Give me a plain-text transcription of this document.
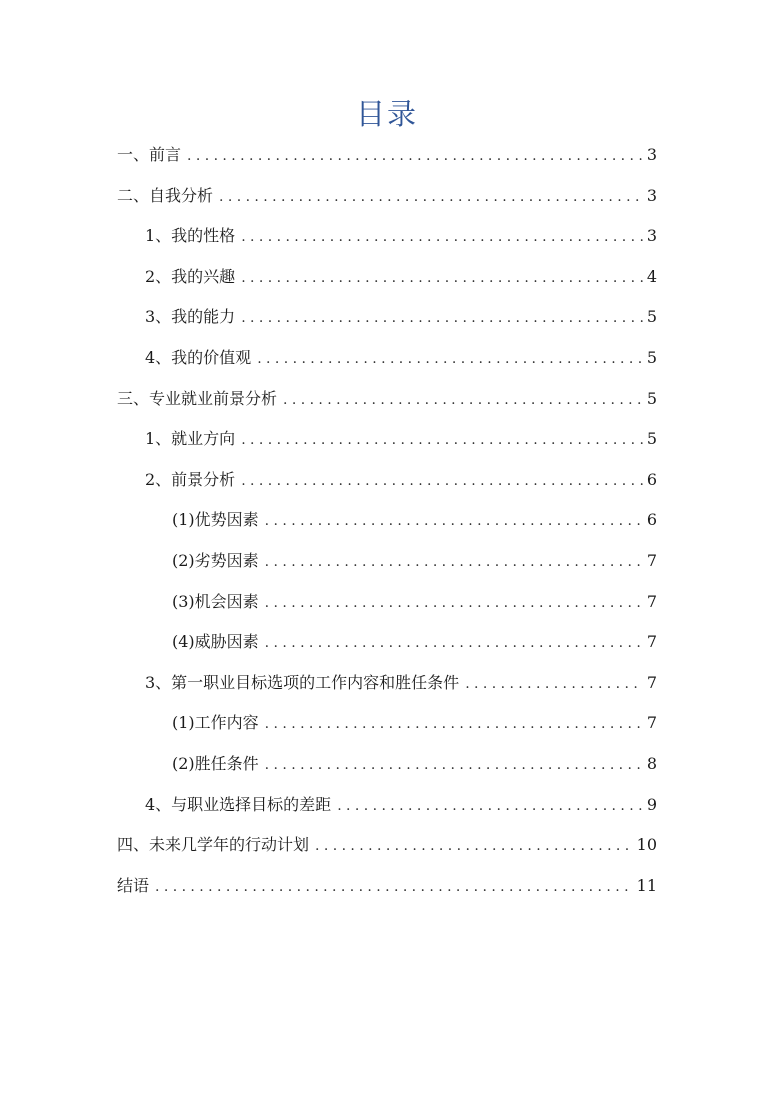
目录
一、前言 .....	3
二、自我分析 .....	3
1、我的性格 .....	3
2、我的兴趣 .....	4
3、我的能力 .....	5
4、我的价值观 .....	5
三、专业就业前景分析 .....	5
1、就业方向 .....	5
2、前景分析 .....	6
(1)优势因素 .....	6
(2)劣势因素 .....	7
(3)机会因素 .....	7
(4)威胁因素 .....	7
3、第一职业目标选项的工作内容和胜任条件 .....	7
(1)工作内容 .....	7
(2)胜任条件 .....	8
4、与职业选择目标的差距 .....	9
四、未来几学年的行动计划 .....	10
结语 .....	11
